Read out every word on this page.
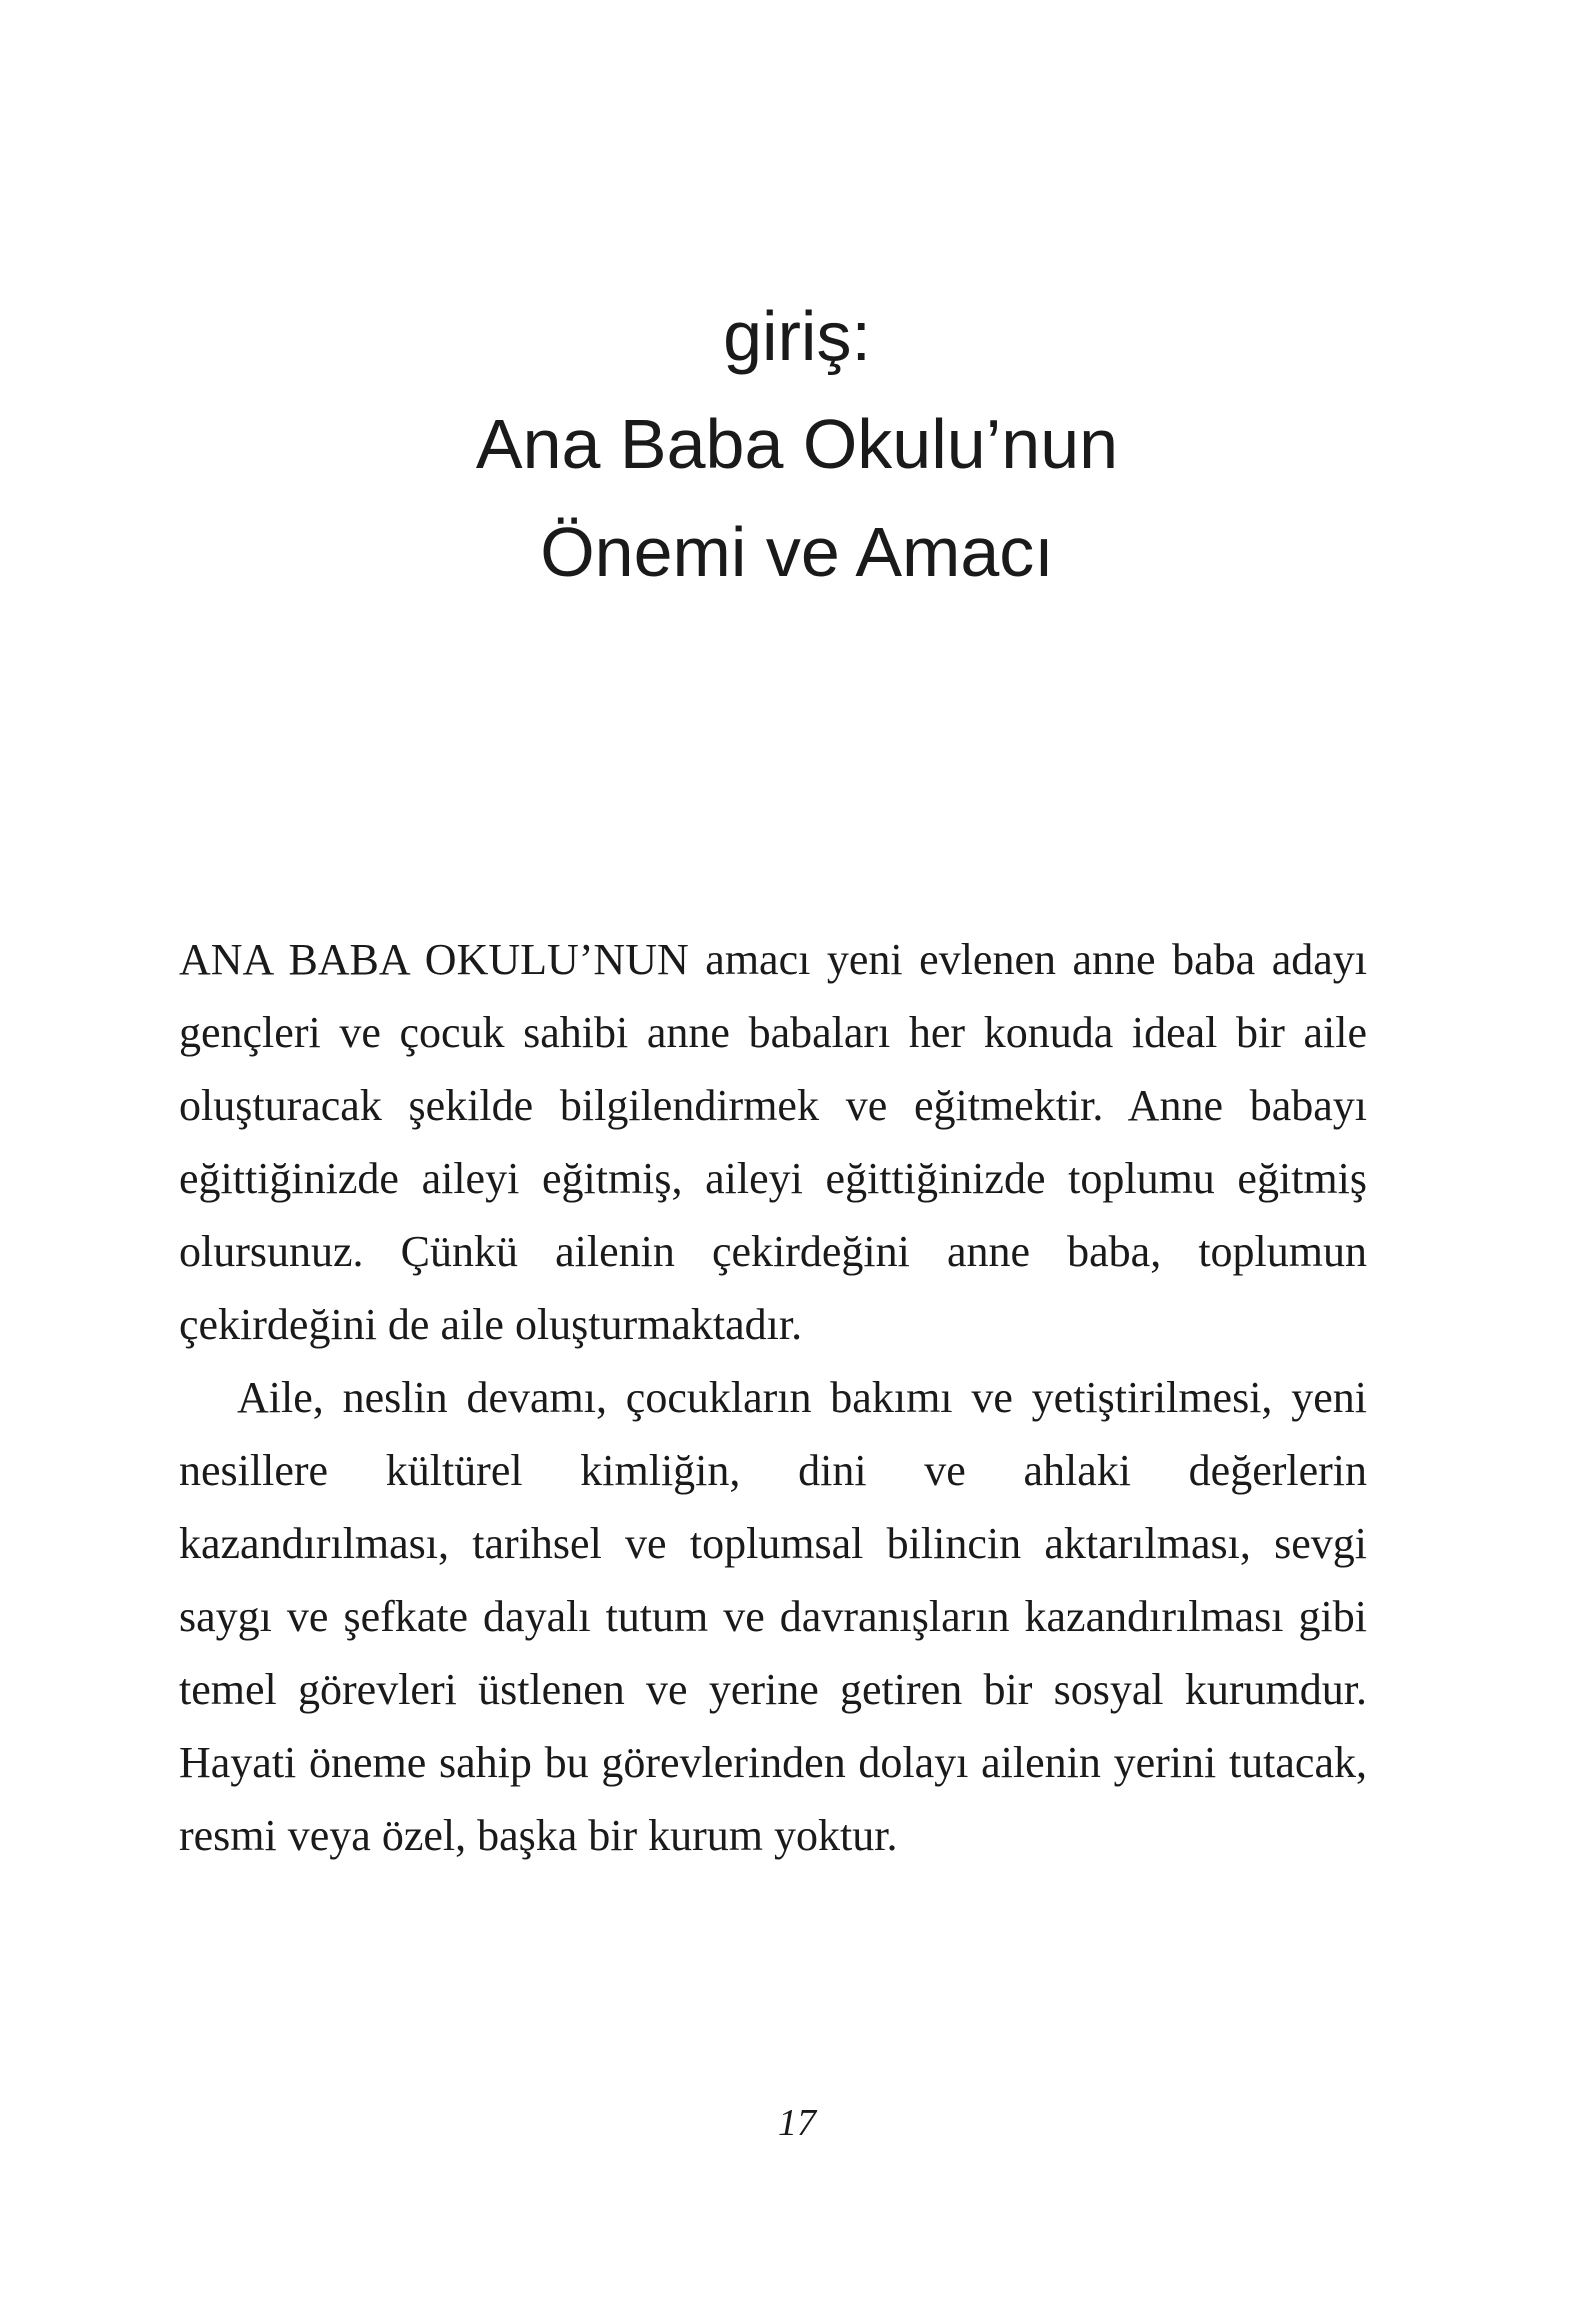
giriş:
Ana Baba Okulu’nun
Önemi ve Amacı

ANA BABA OKULU’NUN amacı yeni evlenen anne baba adayı gençleri ve çocuk sahibi anne babaları her konuda ideal bir aile oluşturacak şekilde bilgilendirmek ve eğitmektir. Anne babayı eğittiğinizde aileyi eğitmiş, aileyi eğittiğinizde toplumu eğitmiş olursunuz. Çünkü ailenin çekirdeğini anne baba, toplumun çekirdeğini de aile oluşturmaktadır.

Aile, neslin devamı, çocukların bakımı ve yetiştirilmesi, yeni nesillere kültürel kimliğin, dini ve ahlaki değerlerin kazandırılması, tarihsel ve toplumsal bilincin aktarılması, sevgi saygı ve şefkate dayalı tutum ve davranışların kazandırılması gibi temel görevleri üstlenen ve yerine getiren bir sosyal kurumdur. Hayati öneme sahip bu görevlerinden dolayı ailenin yerini tutacak, resmi veya özel, başka bir kurum yoktur.

17
